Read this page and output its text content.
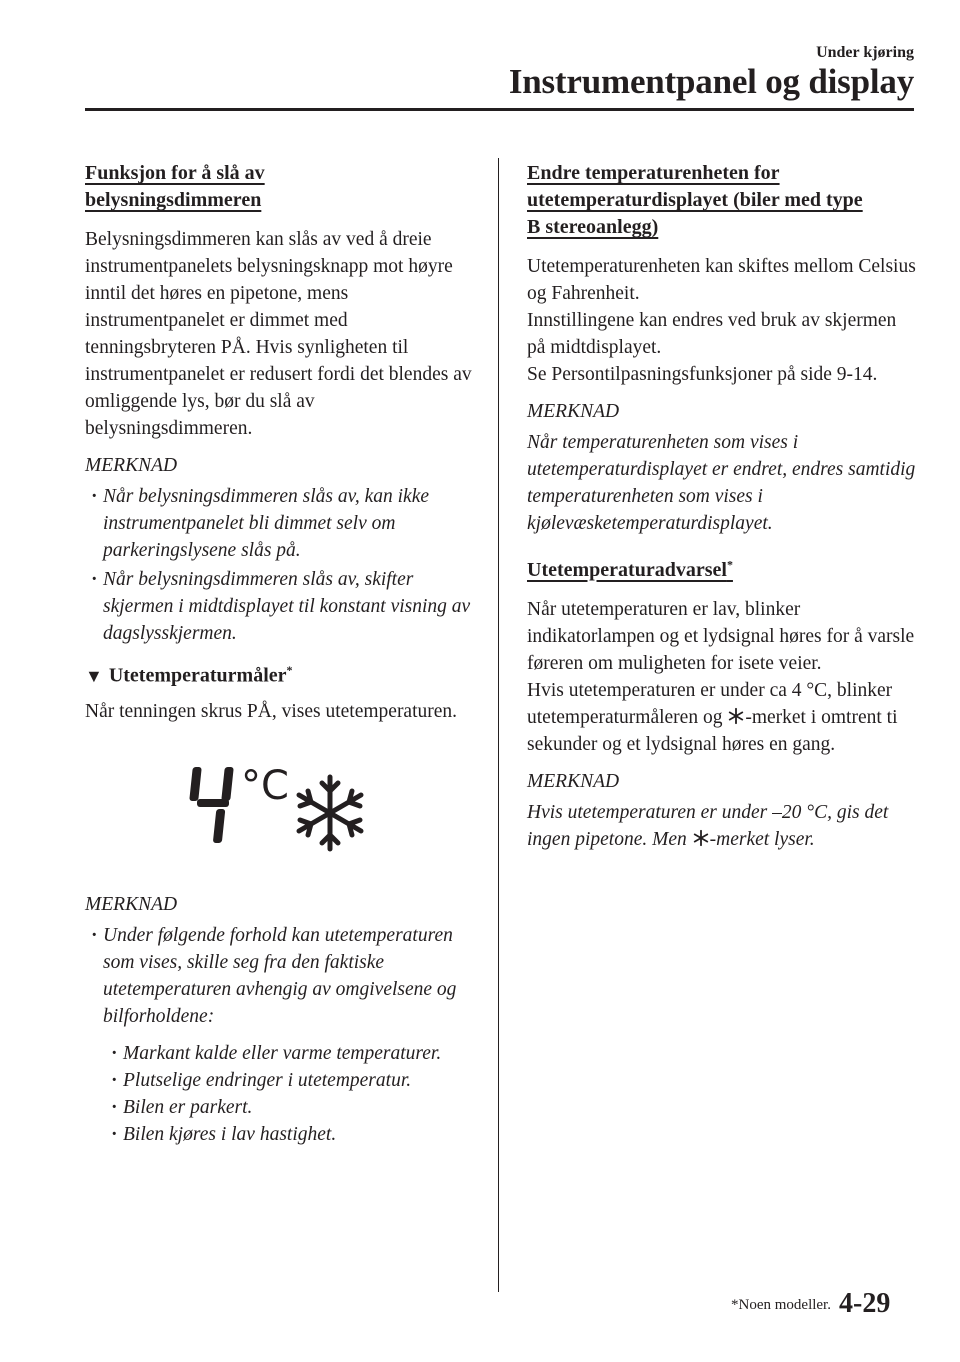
Under kjøring

Instrumentpanel og display
Funksjon for å slå av
belysningsdimmeren

Belysningsdimmeren kan slås av ved å dreie instrumentpanelets belysningsknapp mot høyre inntil det høres en pipetone, mens instrumentpanelet er dimmet med tenningsbryteren PÅ. Hvis synligheten til instrumentpanelet er redusert fordi det blendes av omliggende lys, bør du slå av belysningsdimmeren.

MERKNAD
· Når belysningsdimmeren slås av, kan ikke instrumentpanelet bli dimmet selv om parkeringslysene slås på.
· Når belysningsdimmeren slås av, skifter skjermen i midtdisplayet til konstant visning av dagslysskjermen.
▼ Utetemperaturmåler*

Når tenningen skrus PÅ, vises utetemperaturen.

°C
MERKNAD
· Under følgende forhold kan utetemperaturen som vises, skille seg fra den faktiske utetemperaturen avhengig av omgivelsene og bilforholdene:
· Markant kalde eller varme temperaturer.
· Plutselige endringer i utetemperatur.
· Bilen er parkert.
· Bilen kjøres i lav hastighet.
Endre temperaturenheten for
utetemperaturdisplayet (biler med type
B stereoanlegg)

Utetemperaturenheten kan skiftes mellom Celsius og Fahrenheit.

Innstillingene kan endres ved bruk av skjermen på midtdisplayet.

Se Persontilpasningsfunksjoner på side 9-14.

MERKNAD

Når temperaturenheten som vises i utetemperaturdisplayet er endret, endres samtidig temperaturenheten som vises i kjølevæsketemperaturdisplayet.

Utetemperaturadvarsel*

Når utetemperaturen er lav, blinker indikatorlampen og et lydsignal høres for å varsle føreren om muligheten for isete veier.

Hvis utetemperaturen er under ca 4 °C, blinker utetemperaturmåleren og -merket i omtrent ti sekunder og et lydsignal høres en gang.

MERKNAD

Hvis utetemperaturen er under –20 °C, gis det ingen pipetone. Men -merket lyser.

*Noen modeller. 4-29
